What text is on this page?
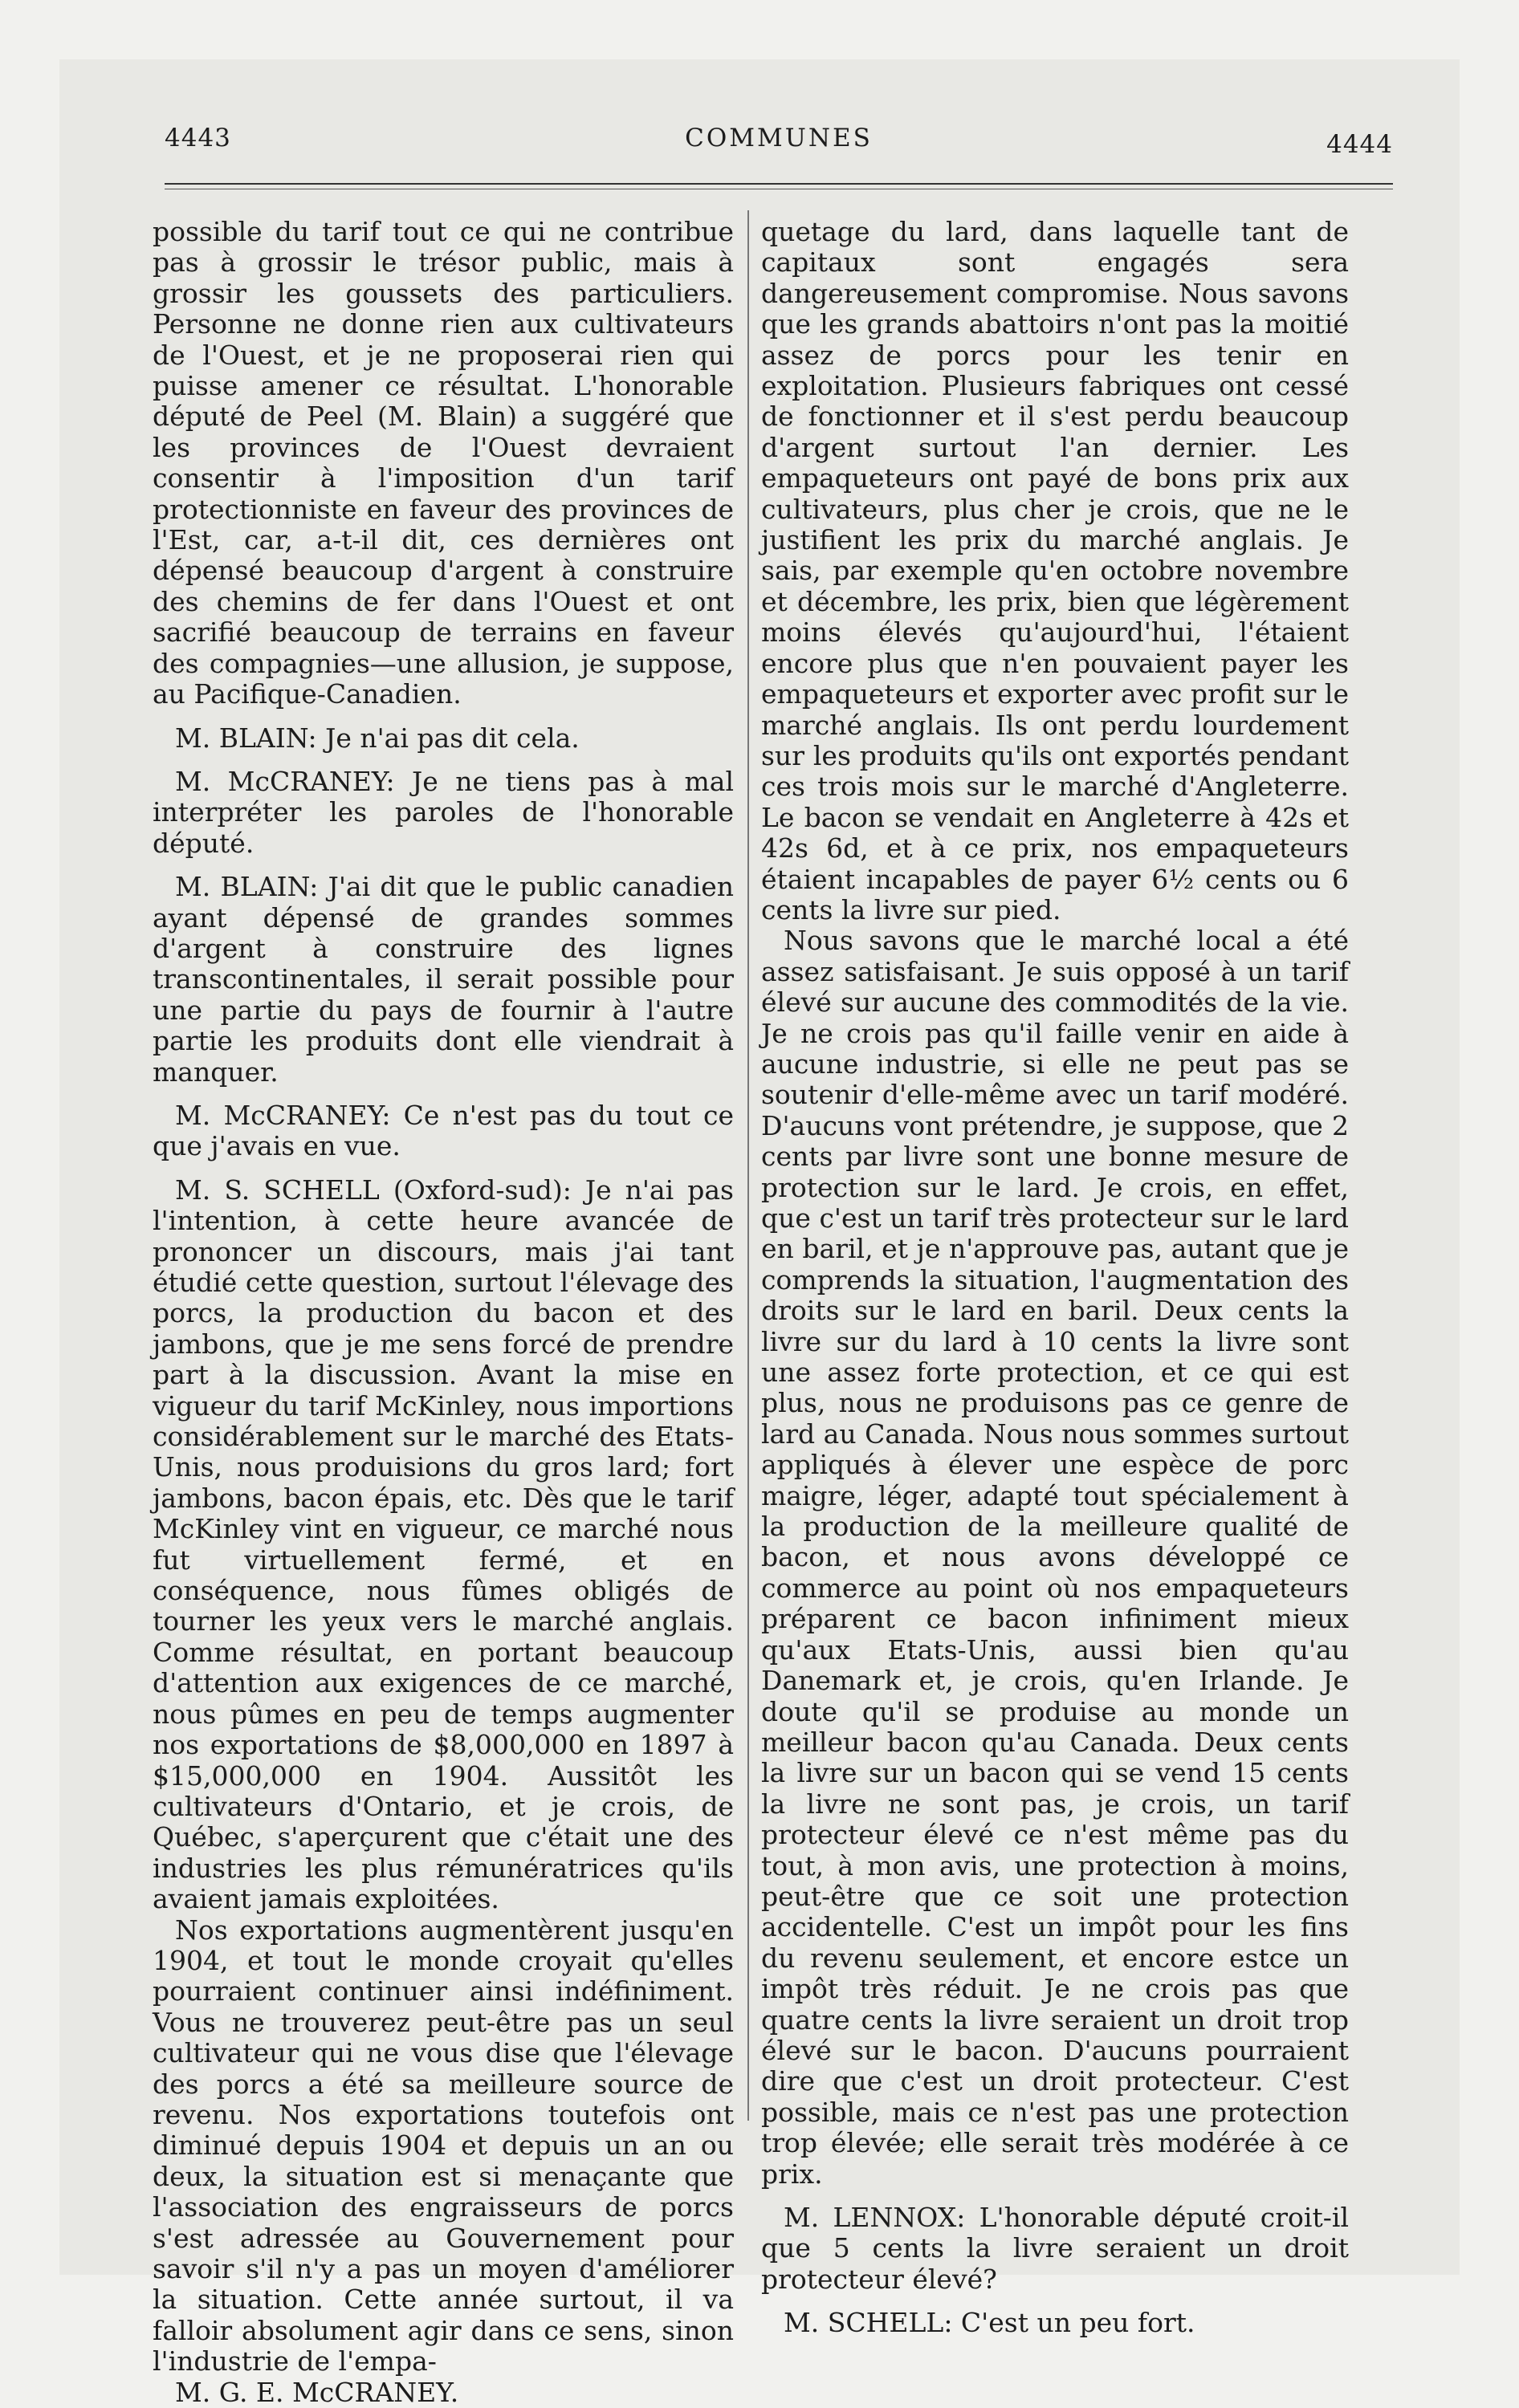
4443	COMMUNES	4444

possible du tarif tout ce qui ne contribue pas à grossir le trésor public, mais à grossir les goussets des particuliers. Personne ne donne rien aux cultivateurs de l'Ouest, et je ne proposerai rien qui puisse amener ce résultat. L'honorable député de Peel (M. Blain) a suggéré que les provinces de l'Ouest devraient consentir à l'imposition d'un tarif protectionniste en faveur des provinces de l'Est, car, a-t-il dit, ces dernières ont dépensé beaucoup d'argent à construire des chemins de fer dans l'Ouest et ont sacrifié beaucoup de terrains en faveur des compagnies—une allusion, je suppose, au Pacifique-Canadien.

M. BLAIN: Je n'ai pas dit cela.

M. McCRANEY: Je ne tiens pas à mal interpréter les paroles de l'honorable député.

M. BLAIN: J'ai dit que le public canadien ayant dépensé de grandes sommes d'argent à construire des lignes transcontinentales, il serait possible pour une partie du pays de fournir à l'autre partie les produits dont elle viendrait à manquer.

M. McCRANEY: Ce n'est pas du tout ce que j'avais en vue.

M. S. SCHELL (Oxford-sud): Je n'ai pas l'intention, à cette heure avancée de prononcer un discours, mais j'ai tant étudié cette question, surtout l'élevage des porcs, la production du bacon et des jambons, que je me sens forcé de prendre part à la discussion. Avant la mise en vigueur du tarif McKinley, nous importions considérablement sur le marché des Etats-Unis, nous produisions du gros lard; fort jambons, bacon épais, etc. Dès que le tarif McKinley vint en vigueur, ce marché nous fut virtuellement fermé, et en conséquence, nous fûmes obligés de tourner les yeux vers le marché anglais. Comme résultat, en portant beaucoup d'attention aux exigences de ce marché, nous pûmes en peu de temps augmenter nos exportations de $8,000,000 en 1897 à $15,000,000 en 1904. Aussitôt les cultivateurs d'Ontario, et je crois, de Québec, s'aperçurent que c'était une des industries les plus rémunératrices qu'ils avaient jamais exploitées.

Nos exportations augmentèrent jusqu'en 1904, et tout le monde croyait qu'elles pourraient continuer ainsi indéfiniment. Vous ne trouverez peut-être pas un seul cultivateur qui ne vous dise que l'élevage des porcs a été sa meilleure source de revenu. Nos exportations toutefois ont diminué depuis 1904 et depuis un an ou deux, la situation est si menaçante que l'association des engraisseurs de porcs s'est adressée au Gouvernement pour savoir s'il n'y a pas un moyen d'améliorer la situation. Cette année surtout, il va falloir absolument agir dans ce sens, sinon l'industrie de l'empa-

M. G. E. McCRANEY.

quetage du lard, dans laquelle tant de capitaux sont engagés sera dangereusement compromise. Nous savons que les grands abattoirs n'ont pas la moitié assez de porcs pour les tenir en exploitation. Plusieurs fabriques ont cessé de fonctionner et il s'est perdu beaucoup d'argent surtout l'an dernier. Les empaqueteurs ont payé de bons prix aux cultivateurs, plus cher je crois, que ne le justifient les prix du marché anglais. Je sais, par exemple qu'en octobre novembre et décembre, les prix, bien que légèrement moins élevés qu'aujourd'hui, l'étaient encore plus que n'en pouvaient payer les empaqueteurs et exporter avec profit sur le marché anglais. Ils ont perdu lourdement sur les produits qu'ils ont exportés pendant ces trois mois sur le marché d'Angleterre. Le bacon se vendait en Angleterre à 42s et 42s 6d, et à ce prix, nos empaqueteurs étaient incapables de payer 6½ cents ou 6 cents la livre sur pied.

Nous savons que le marché local a été assez satisfaisant. Je suis opposé à un tarif élevé sur aucune des commodités de la vie. Je ne crois pas qu'il faille venir en aide à aucune industrie, si elle ne peut pas se soutenir d'elle-même avec un tarif modéré. D'aucuns vont prétendre, je suppose, que 2 cents par livre sont une bonne mesure de protection sur le lard. Je crois, en effet, que c'est un tarif très protecteur sur le lard en baril, et je n'approuve pas, autant que je comprends la situation, l'augmentation des droits sur le lard en baril. Deux cents la livre sur du lard à 10 cents la livre sont une assez forte protection, et ce qui est plus, nous ne produisons pas ce genre de lard au Canada. Nous nous sommes surtout appliqués à élever une espèce de porc maigre, léger, adapté tout spécialement à la production de la meilleure qualité de bacon, et nous avons développé ce commerce au point où nos empaqueteurs préparent ce bacon infiniment mieux qu'aux Etats-Unis, aussi bien qu'au Danemark et, je crois, qu'en Irlande. Je doute qu'il se produise au monde un meilleur bacon qu'au Canada. Deux cents la livre sur un bacon qui se vend 15 cents la livre ne sont pas, je crois, un tarif protecteur élevé ce n'est même pas du tout, à mon avis, une protection à moins, peut-être que ce soit une protection accidentelle. C'est un impôt pour les fins du revenu seulement, et encore estce un impôt très réduit. Je ne crois pas que quatre cents la livre seraient un droit trop élevé sur le bacon. D'aucuns pourraient dire que c'est un droit protecteur. C'est possible, mais ce n'est pas une protection trop élevée; elle serait très modérée à ce prix.

M. LENNOX: L'honorable député croit-il que 5 cents la livre seraient un droit protecteur élevé?

M. SCHELL: C'est un peu fort.
